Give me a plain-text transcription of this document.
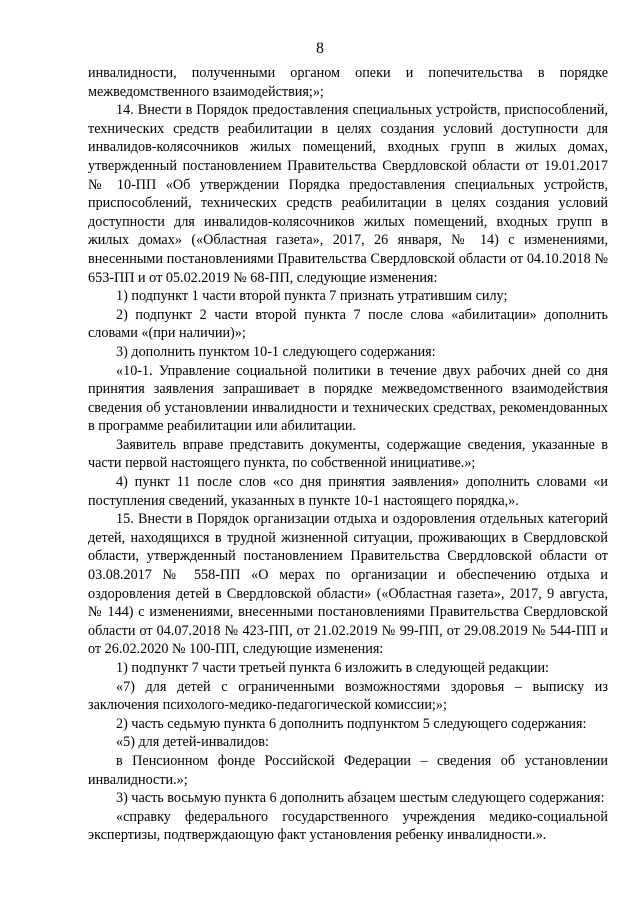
8

инвалидности, полученными органом опеки и попечительства в порядке межведомственного взаимодействия;»;

14. Внести в Порядок предоставления специальных устройств, приспособлений, технических средств реабилитации в целях создания условий доступности для инвалидов-колясочников жилых помещений, входных групп в жилых домах, утвержденный постановлением Правительства Свердловской области от 19.01.2017 № 10-ПП «Об утверждении Порядка предоставления специальных устройств, приспособлений, технических средств реабилитации в целях создания условий доступности для инвалидов-колясочников жилых помещений, входных групп в жилых домах» («Областная газета», 2017, 26 января, № 14) с изменениями, внесенными постановлениями Правительства Свердловской области от 04.10.2018 № 653-ПП и от 05.02.2019 № 68-ПП, следующие изменения:

1) подпункт 1 части второй пункта 7 признать утратившим силу;

2) подпункт 2 части второй пункта 7 после слова «абилитации» дополнить словами «(при наличии)»;

3) дополнить пунктом 10-1 следующего содержания:

«10-1. Управление социальной политики в течение двух рабочих дней со дня принятия заявления запрашивает в порядке межведомственного взаимодействия сведения об установлении инвалидности и технических средствах, рекомендованных в программе реабилитации или абилитации.

Заявитель вправе представить документы, содержащие сведения, указанные в части первой настоящего пункта, по собственной инициативе.»;

4) пункт 11 после слов «со дня принятия заявления» дополнить словами «и поступления сведений, указанных в пункте 10-1 настоящего порядка,».

15. Внести в Порядок организации отдыха и оздоровления отдельных категорий детей, находящихся в трудной жизненной ситуации, проживающих в Свердловской области, утвержденный постановлением Правительства Свердловской области от 03.08.2017 № 558-ПП «О мерах по организации и обеспечению отдыха и оздоровления детей в Свердловской области» («Областная газета», 2017, 9 августа, № 144) с изменениями, внесенными постановлениями Правительства Свердловской области от 04.07.2018 № 423-ПП, от 21.02.2019 № 99-ПП, от 29.08.2019 № 544-ПП и от 26.02.2020 № 100-ПП, следующие изменения:

1) подпункт 7 части третьей пункта 6 изложить в следующей редакции:

«7) для детей с ограниченными возможностями здоровья – выписку из заключения психолого-медико-педагогической комиссии;»;

2) часть седьмую пункта 6 дополнить подпунктом 5 следующего содержания:

«5) для детей-инвалидов:

в Пенсионном фонде Российской Федерации – сведения об установлении инвалидности.»;

3) часть восьмую пункта 6 дополнить абзацем шестым следующего содержания:

«справку федерального государственного учреждения медико-социальной экспертизы, подтверждающую факт установления ребенку инвалидности.».
